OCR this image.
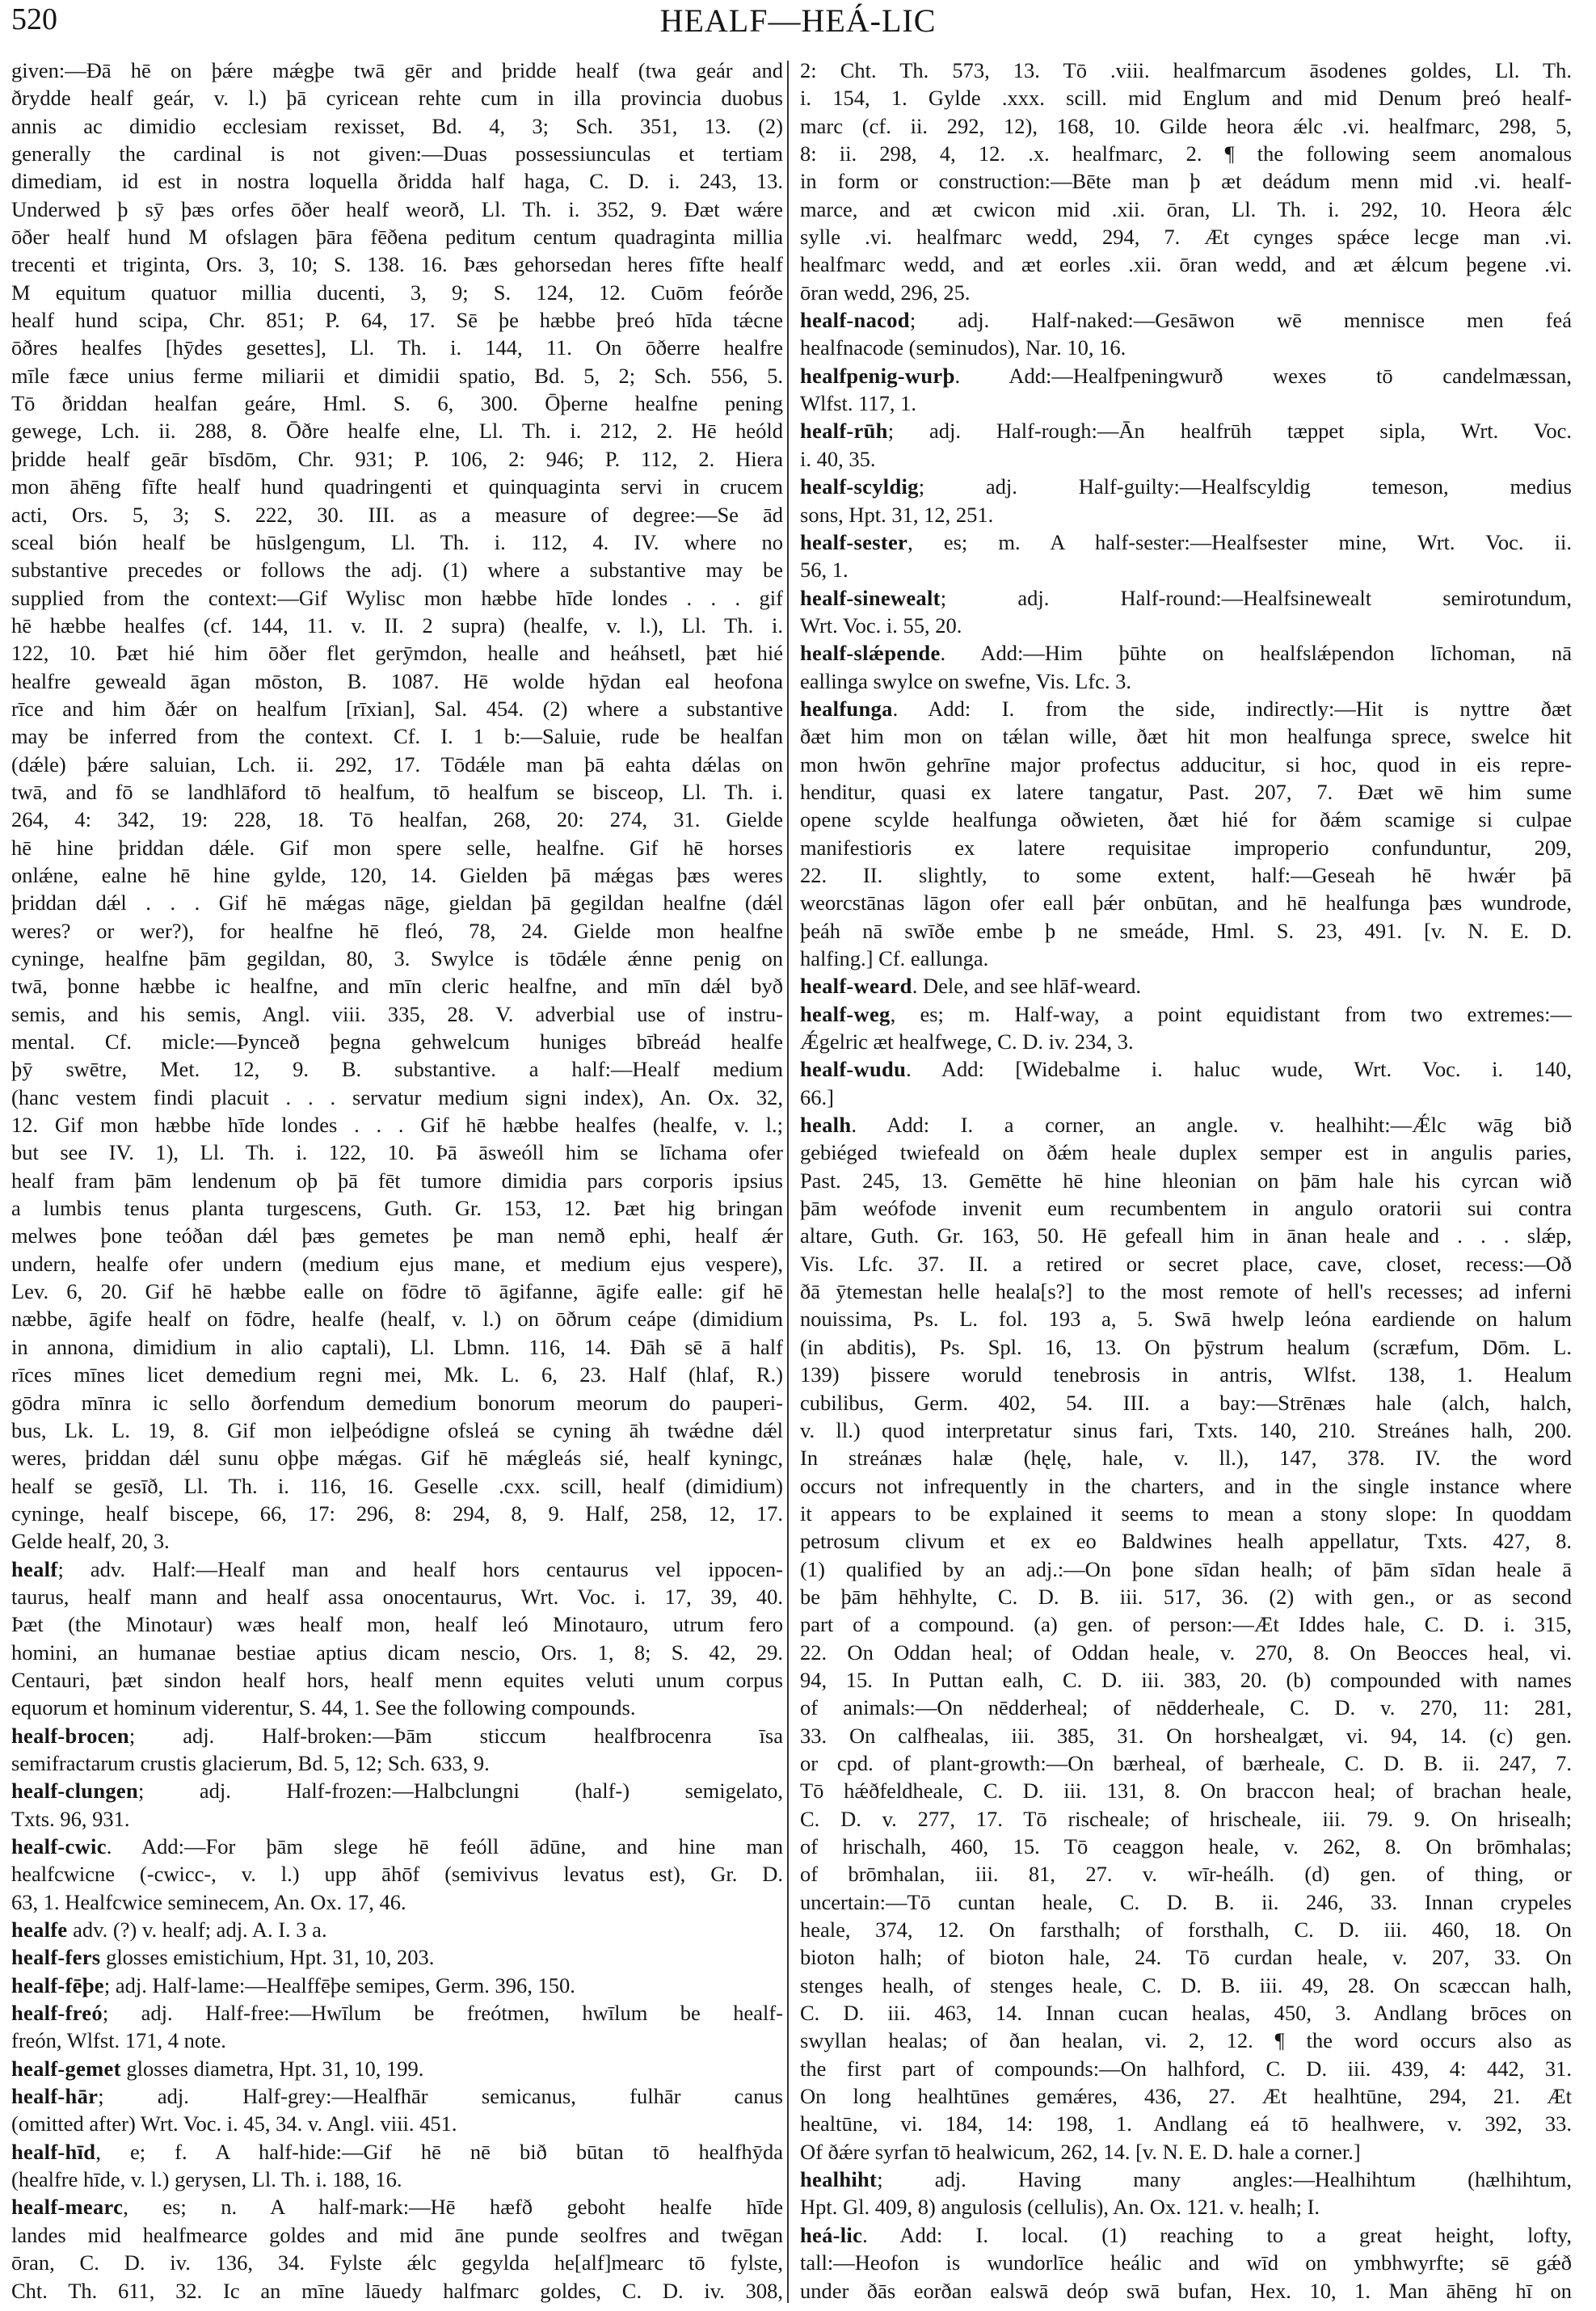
520	HEALF—HEÁ-LIC
given:—Ðā hē on þǽre mǽgþe twā gēr and þridde healf (twa geár and
ðrydde healf geár, v. l.) þā cyricean rehte cum in illa provincia duobus
annis ac dimidio ecclesiam rexisset, Bd. 4, 3; Sch. 351, 13. (2)
generally the cardinal is not given:—Duas possessiunculas et tertiam
dimediam, id est in nostra loquella ðridda half haga, C. D. i. 243, 13.
Underwed þ sȳ þæs orfes ōðer healf weorð, Ll. Th. i. 352, 9. Ðæt wǽre
ōðer healf hund M ofslagen þāra fēðena peditum centum quadraginta millia
trecenti et triginta, Ors. 3, 10; S. 138. 16. Þæs gehorsedan heres fīfte healf
M equitum quatuor millia ducenti, 3, 9; S. 124, 12. Cuōm feórðe
healf hund scipa, Chr. 851; P. 64, 17. Sē þe hæbbe þreó hīda tǽcne
ōðres healfes [hȳdes gesettes], Ll. Th. i. 144, 11. On ōðerre healfre
mīle fæce unius ferme miliarii et dimidii spatio, Bd. 5, 2; Sch. 556, 5.
Tō ðriddan healfan geáre, Hml. S. 6, 300. Ōþerne healfne pening
gewege, Lch. ii. 288, 8. Ōðre healfe elne, Ll. Th. i. 212, 2. Hē heóld
þridde healf geār bīsdōm, Chr. 931; P. 106, 2: 946; P. 112, 2. Hiera
mon āhēng fīfte healf hund quadringenti et quinquaginta servi in crucem
acti, Ors. 5, 3; S. 222, 30. III. as a measure of degree:—Se ād
sceal bión healf be hūslgengum, Ll. Th. i. 112, 4. IV. where no
substantive precedes or follows the adj. (1) where a substantive may be
supplied from the context:—Gif Wylisc mon hæbbe hīde londes . . . gif
hē hæbbe healfes (cf. 144, 11. v. II. 2 supra) (healfe, v. l.), Ll. Th. i.
122, 10. Þæt hié him ōðer flet gerȳmdon, healle and heáhsetl, þæt hié
healfre geweald āgan mōston, B. 1087. Hē wolde hȳdan eal heofona
rīce and him ðǽr on healfum [rīxian], Sal. 454. (2) where a substantive
may be inferred from the context. Cf. I. 1 b:—Saluie, rude be healfan
(dǽle) þǽre saluian, Lch. ii. 292, 17. Tōdǽle man þā eahta dǽlas on
twā, and fō se landhlāford tō healfum, tō healfum se bisceop, Ll. Th. i.
264, 4: 342, 19: 228, 18. Tō healfan, 268, 20: 274, 31. Gielde
hē hine þriddan dǽle. Gif mon spere selle, healfne. Gif hē horses
onlǽne, ealne hē hine gylde, 120, 14. Gielden þā mǽgas þæs weres
þriddan dǽl . . . Gif hē mǽgas nāge, gieldan þā gegildan healfne (dǽl
weres? or wer?), for healfne hē fleó, 78, 24. Gielde mon healfne
cyninge, healfne þām gegildan, 80, 3. Swylce is tōdǽle ǽnne penig on
twā, þonne hæbbe ic healfne, and mīn cleric healfne, and mīn dǽl byð
semis, and his semis, Angl. viii. 335, 28. V. adverbial use of instru-
mental. Cf. micle:—Þynceð þegna gehwelcum huniges bībreád healfe
þȳ swētre, Met. 12, 9. B. substantive. a half:—Healf medium
(hanc vestem findi placuit . . . servatur medium signi index), An. Ox. 32,
12. Gif mon hæbbe hīde londes . . . Gif hē hæbbe healfes (healfe, v. l.;
but see IV. 1), Ll. Th. i. 122, 10. Þā āsweóll him se līchama ofer
healf fram þām lendenum oþ þā fēt tumore dimidia pars corporis ipsius
a lumbis tenus planta turgescens, Guth. Gr. 153, 12. Þæt hig bringan
melwes þone teóðan dǽl þæs gemetes þe man nemð ephi, healf ǽr
undern, healfe ofer undern (medium ejus mane, et medium ejus vespere),
Lev. 6, 20. Gif hē hæbbe ealle on fōdre tō āgifanne, āgife ealle: gif hē
næbbe, āgife healf on fōdre, healfe (healf, v. l.) on ōðrum ceápe (dimidium
in annona, dimidium in alio captali), Ll. Lbmn. 116, 14. Ðāh sē ā half
rīces mīnes licet demedium regni mei, Mk. L. 6, 23. Half (hlaf, R.)
gōdra mīnra ic sello ðorfendum demedium bonorum meorum do pauperi-
bus, Lk. L. 19, 8. Gif mon ielþeódigne ofsleá se cyning āh twǽdne dǽl
weres, þriddan dǽl sunu oþþe mǽgas. Gif hē mǽgleás sié, healf kyningc,
healf se gesīð, Ll. Th. i. 116, 16. Geselle .cxx. scill, healf (dimidium)
cyninge, healf biscepe, 66, 17: 296, 8: 294, 8, 9. Half, 258, 12, 17.
Gelde healf, 20, 3.
healf; adv. Half:—Healf man and healf hors centaurus vel ippocen-
taurus, healf mann and healf assa onocentaurus, Wrt. Voc. i. 17, 39, 40.
Þæt (the Minotaur) wæs healf mon, healf leó Minotauro, utrum fero
homini, an humanae bestiae aptius dicam nescio, Ors. 1, 8; S. 42, 29.
Centauri, þæt sindon healf hors, healf menn equites veluti unum corpus
equorum et hominum viderentur, S. 44, 1. See the following compounds.
healf-brocen; adj. Half-broken:—Þām sticcum healfbrocenra īsa
semifractarum crustis glacierum, Bd. 5, 12; Sch. 633, 9.
healf-clungen; adj. Half-frozen:—Halbclungni (half-) semigelato,
Txts. 96, 931.
healf-cwic. Add:—For þām slege hē feóll ādūne, and hine man
healfcwicne (-cwicc-, v. l.) upp āhōf (semivivus levatus est), Gr. D.
63, 1. Healfcwice seminecem, An. Ox. 17, 46.
healfe adv. (?) v. healf; adj. A. I. 3 a.
healf-fers glosses emistichium, Hpt. 31, 10, 203.
healf-fēþe; adj. Half-lame:—Healffēþe semipes, Germ. 396, 150.
healf-freó; adj. Half-free:—Hwīlum be freótmen, hwīlum be healf-
freón, Wlfst. 171, 4 note.
healf-gemet glosses diametra, Hpt. 31, 10, 199.
healf-hār; adj. Half-grey:—Healfhār semicanus, fulhār canus
(omitted after) Wrt. Voc. i. 45, 34. v. Angl. viii. 451.
healf-hīd, e; f. A half-hide:—Gif hē nē bið būtan tō healfhȳda
(healfre hīde, v. l.) gerysen, Ll. Th. i. 188, 16.
healf-mearc, es; n. A half-mark:—Hē hæfð geboht healfe hīde
landes mid healfmearce goldes and mid āne punde seolfres and twēgan
ōran, C. D. iv. 136, 34. Fylste ǽlc gegylda he[alf]mearc tō fylste,
Cht. Th. 611, 32. Ic an mīne lāuedy halfmarc goldes, C. D. iv. 308,
2: Cht. Th. 573, 13. Tō .viii. healfmarcum āsodenes goldes, Ll. Th.
i. 154, 1. Gylde .xxx. scill. mid Englum and mid Denum þreó healf-
marc (cf. ii. 292, 12), 168, 10. Gilde heora ǽlc .vi. healfmarc, 298, 5,
8: ii. 298, 4, 12. .x. healfmarc, 2. ¶ the following seem anomalous
in form or construction:—Bēte man þ æt deádum menn mid .vi. healf-
marce, and æt cwicon mid .xii. ōran, Ll. Th. i. 292, 10. Heora ǽlc
sylle .vi. healfmarc wedd, 294, 7. Æt cynges spǽce lecge man .vi.
healfmarc wedd, and æt eorles .xii. ōran wedd, and æt ǽlcum þegene .vi.
ōran wedd, 296, 25.
healf-nacod; adj. Half-naked:—Gesāwon wē mennisce men feá
healfnacode (seminudos), Nar. 10, 16.
healfpenig-wurþ. Add:—Healfpeningwurð wexes tō candelmæssan,
Wlfst. 117, 1.
healf-rūh; adj. Half-rough:—Ān healfrūh tæppet sipla, Wrt. Voc.
i. 40, 35.
healf-scyldig; adj. Half-guilty:—Healfscyldig temeson, medius
sons, Hpt. 31, 12, 251.
healf-sester, es; m. A half-sester:—Healfsester mine, Wrt. Voc. ii.
56, 1.
healf-sinewealt; adj. Half-round:—Healfsinewealt semirotundum,
Wrt. Voc. i. 55, 20.
healf-slǽpende. Add:—Him þūhte on healfslǽpendon līchoman, nā
eallinga swylce on swefne, Vis. Lfc. 3.
healfunga. Add: I. from the side, indirectly:—Hit is nyttre ðæt
ðæt him mon on tǽlan wille, ðæt hit mon healfunga sprece, swelce hit
mon hwōn gehrīne major profectus adducitur, si hoc, quod in eis repre-
henditur, quasi ex latere tangatur, Past. 207, 7. Ðæt wē him sume
opene scylde healfunga oðwieten, ðæt hié for ðǽm scamige si culpae
manifestioris ex latere requisitae improperio confunduntur, 209,
22. II. slightly, to some extent, half:—Geseah hē hwǽr þā
weorcstānas lāgon ofer eall þǽr onbūtan, and hē healfunga þæs wundrode,
þeáh nā swīðe embe þ ne smeáde, Hml. S. 23, 491. [v. N. E. D.
halfing.] Cf. eallunga.
healf-weard. Dele, and see hlāf-weard.
healf-weg, es; m. Half-way, a point equidistant from two extremes:—
Ǽgelric æt healfwege, C. D. iv. 234, 3.
healf-wudu. Add: [Widebalme i. haluc wude, Wrt. Voc. i. 140,
66.]
healh. Add: I. a corner, an angle. v. healhiht:—Ǽlc wāg bið
gebiéged twiefeald on ðǽm heale duplex semper est in angulis paries,
Past. 245, 13. Gemētte hē hine hleonian on þām hale his cyrcan wið
þām weófode invenit eum recumbentem in angulo oratorii sui contra
altare, Guth. Gr. 163, 50. Hē gefeall him in ānan heale and . . . slǽp,
Vis. Lfc. 37. II. a retired or secret place, cave, closet, recess:—Oð
ðā ȳtemestan helle heala[s?] to the most remote of hell's recesses; ad inferni
nouissima, Ps. L. fol. 193 a, 5. Swā hwelp leóna eardiende on halum
(in abditis), Ps. Spl. 16, 13. On þȳstrum healum (scræfum, Dōm. L.
139) þissere woruld tenebrosis in antris, Wlfst. 138, 1. Healum
cubilibus, Germ. 402, 54. III. a bay:—Strēnæs hale (alch, halch,
v. ll.) quod interpretatur sinus fari, Txts. 140, 210. Streánes halh, 200.
In streánæs halæ (hęlę, hale, v. ll.), 147, 378. IV. the word
occurs not infrequently in the charters, and in the single instance where
it appears to be explained it seems to mean a stony slope: In quoddam
petrosum clivum et ex eo Baldwines healh appellatur, Txts. 427, 8.
(1) qualified by an adj.:—On þone sīdan healh; of þām sīdan heale ā
be þām hēhhylte, C. D. B. iii. 517, 36. (2) with gen., or as second
part of a compound. (a) gen. of person:—Æt Iddes hale, C. D. i. 315,
22. On Oddan heal; of Oddan heale, v. 270, 8. On Beocces heal, vi.
94, 15. In Puttan ealh, C. D. iii. 383, 20. (b) compounded with names
of animals:—On nēdderheal; of nēdderheale, C. D. v. 270, 11: 281,
33. On calfhealas, iii. 385, 31. On horshealgæt, vi. 94, 14. (c) gen.
or cpd. of plant-growth:—On bærheal, of bærheale, C. D. B. ii. 247, 7.
Tō hǽðfeldheale, C. D. iii. 131, 8. On braccon heal; of brachan heale,
C. D. v. 277, 17. Tō rischeale; of hrischeale, iii. 79. 9. On hrisealh;
of hrischalh, 460, 15. Tō ceaggon heale, v. 262, 8. On brōmhalas;
of brōmhalan, iii. 81, 27. v. wīr-heálh. (d) gen. of thing, or
uncertain:—Tō cuntan heale, C. D. B. ii. 246, 33. Innan crypeles
heale, 374, 12. On farsthalh; of forsthalh, C. D. iii. 460, 18. On
bioton halh; of bioton hale, 24. Tō curdan heale, v. 207, 33. On
stenges healh, of stenges heale, C. D. B. iii. 49, 28. On scæccan halh,
C. D. iii. 463, 14. Innan cucan healas, 450, 3. Andlang brōces on
swyllan healas; of ðan healan, vi. 2, 12. ¶ the word occurs also as
the first part of compounds:—On halhford, C. D. iii. 439, 4: 442, 31.
On long healhtūnes gemǽres, 436, 27. Æt healhtūne, 294, 21. Æt
healtūne, vi. 184, 14: 198, 1. Andlang eá tō healhwere, v. 392, 33.
Of ðǽre syrfan tō healwicum, 262, 14. [v. N. E. D. hale a corner.]
healhiht; adj. Having many angles:—Healhihtum (hælhihtum,
Hpt. Gl. 409, 8) angulosis (cellulis), An. Ox. 121. v. healh; I.
heá-lic. Add: I. local. (1) reaching to a great height, lofty,
tall:—Heofon is wundorlīce heálic and wīd on ymbhwyrfte; sē gǽð
under ðās eorðan ealswā deóp swā bufan, Hex. 10, 1. Man āhēng hī on
